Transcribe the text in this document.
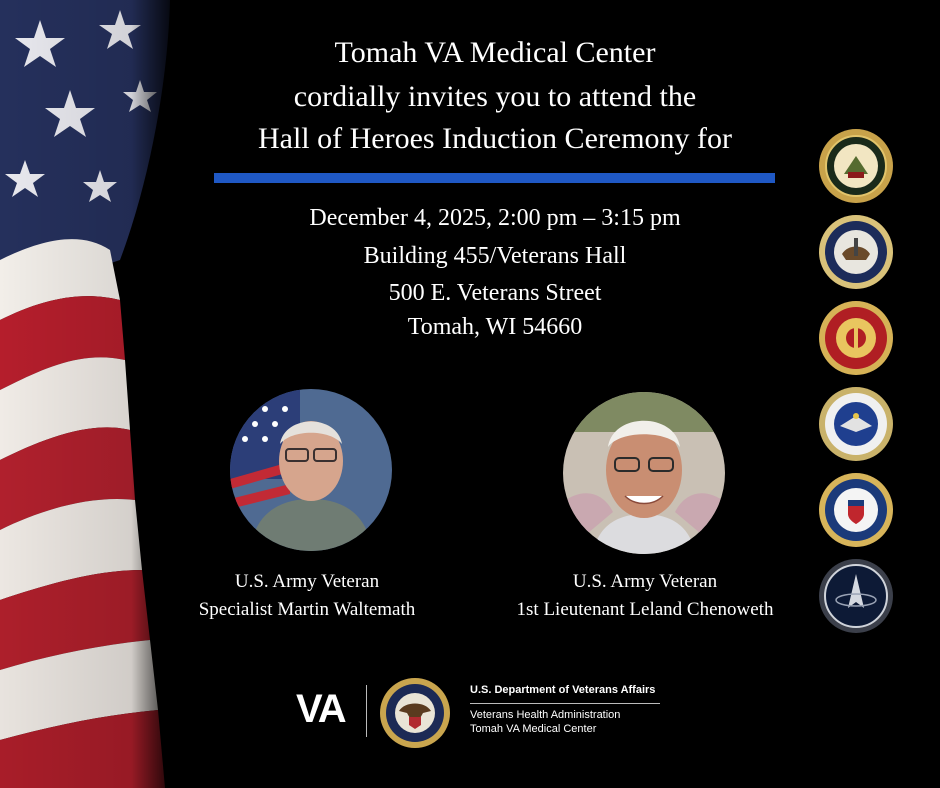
Tomah VA Medical Center
cordially invites you to attend the
Hall of Heroes Induction Ceremony for
December 4, 2025, 2:00 pm – 3:15 pm
Building 455/Veterans Hall
500 E. Veterans Street
Tomah, WI 54660
U.S. Army Veteran
Specialist Martin Waltemath
U.S. Army Veteran
1st Lieutenant Leland Chenoweth
VA	U.S. Department of Veterans Affairs
Veterans Health Administration
Tomah VA Medical Center
